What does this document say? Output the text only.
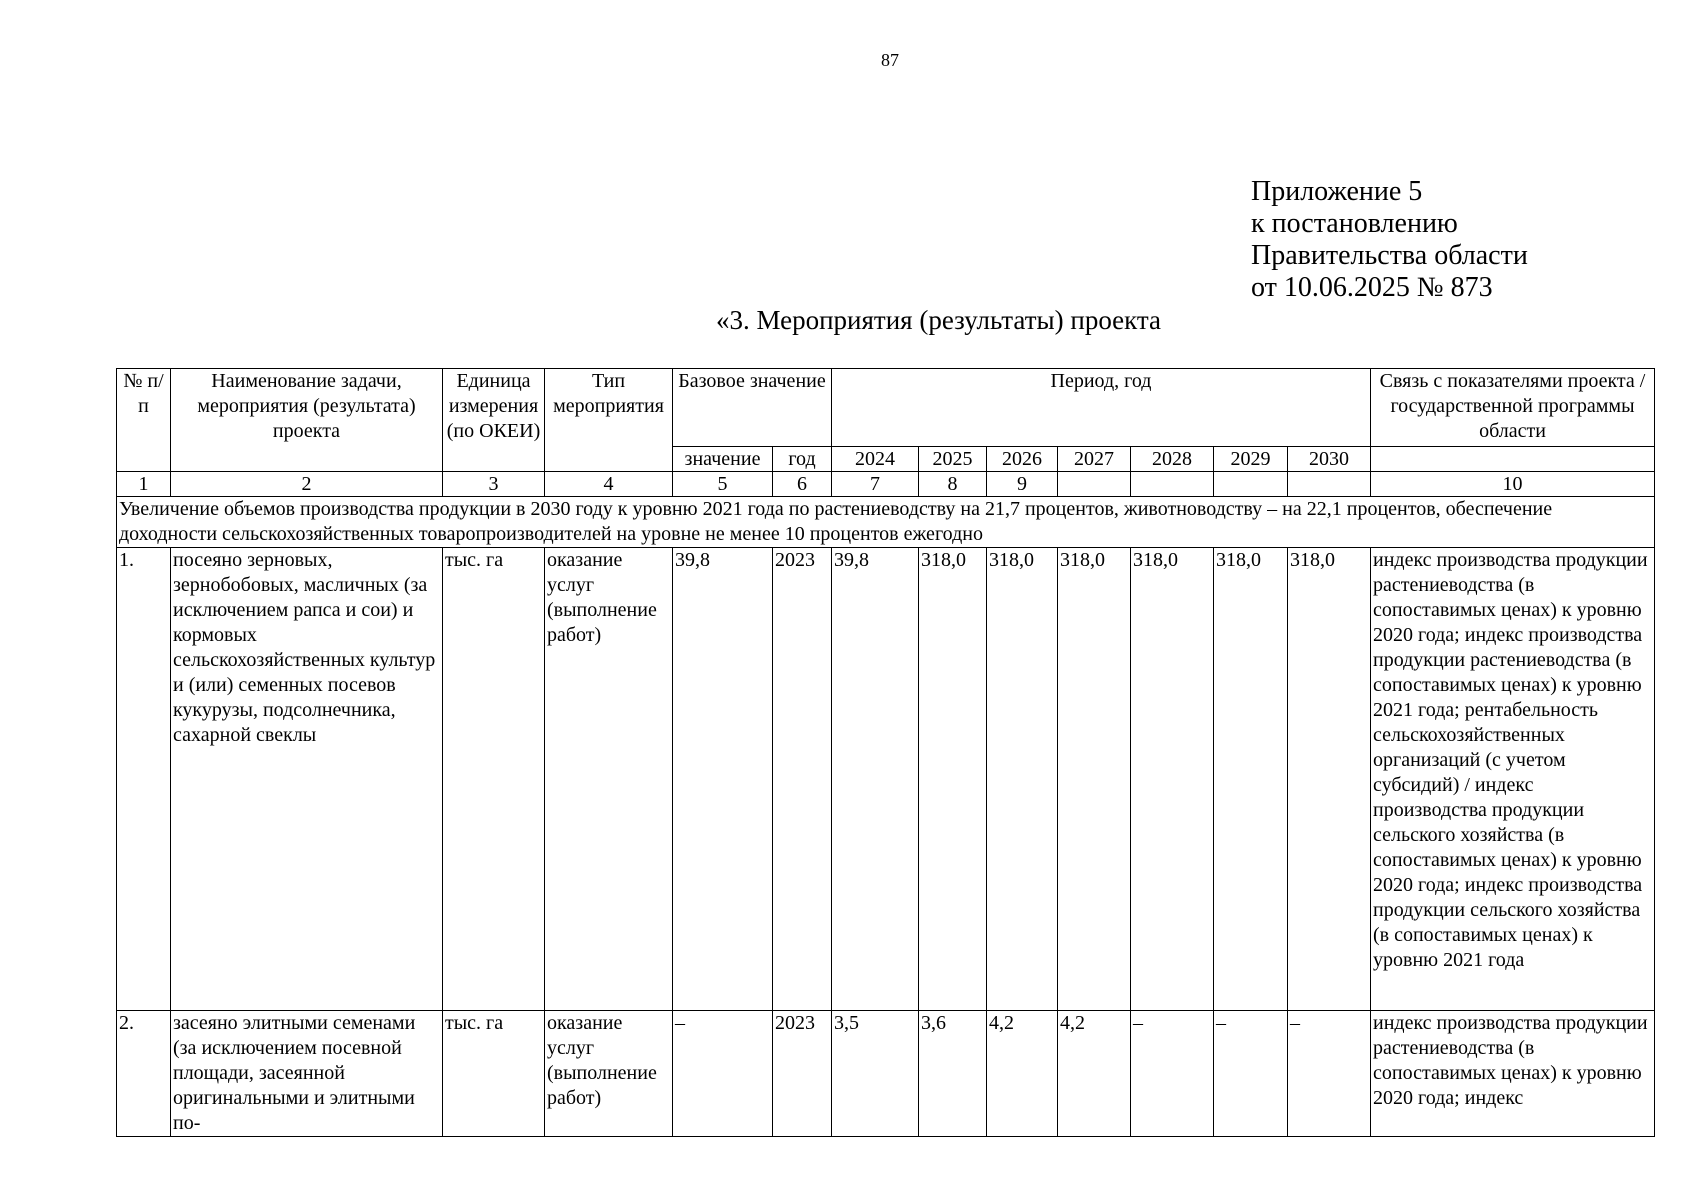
87
Приложение 5
к постановлению
Правительства области
от 10.06.2025 № 873
«3. Мероприятия (результаты) проекта
№ п/п	Наименование задачи, мероприятия (результата) проекта	Единица измерения (по ОКЕИ)	Тип мероприятия	Базовое значение		Период, год							Связь с показателями проекта / государственной программы области
				значение	год	2024	2025	2026	2027	2028	2029	2030	
1	2	3	4	5	6	7	8	9					10
Увеличение объемов производства продукции в 2030 году к уровню 2021 года по растениеводству на 21,7 процентов, животноводству – на 22,1 процентов, обеспечение доходности сельскохозяйственных товаропроизводителей на уровне не менее 10 процентов ежегодно													
1.	посеяно зерновых, зернобобовых, масличных (за исключением рапса и сои) и кормовых сельскохозяйственных культур и (или) семенных посевов кукурузы, подсолнечника, сахарной свеклы	тыс. га	оказание услуг (выполнение работ)	39,8	2023	39,8	318,0	318,0	318,0	318,0	318,0	318,0	индекс производства продукции растениеводства (в сопоставимых ценах) к уровню 2020 года; индекс производства продукции растениеводства (в сопоставимых ценах) к уровню 2021 года; рентабельность сельскохозяйственных организаций (с учетом субсидий) / индекс производства продукции сельского хозяйства (в сопоставимых ценах) к уровню 2020 года; индекс производства продукции сельского хозяйства (в сопоставимых ценах) к уровню 2021 года
2.	засеяно элитными семенами (за исключением посевной площади, засеянной оригинальными и элитными по-	тыс. га	оказание услуг (выполнение работ)	–	2023	3,5	3,6	4,2	4,2	–	–	–	индекс производства продукции растениеводства (в сопоставимых ценах) к уровню 2020 года; индекс
